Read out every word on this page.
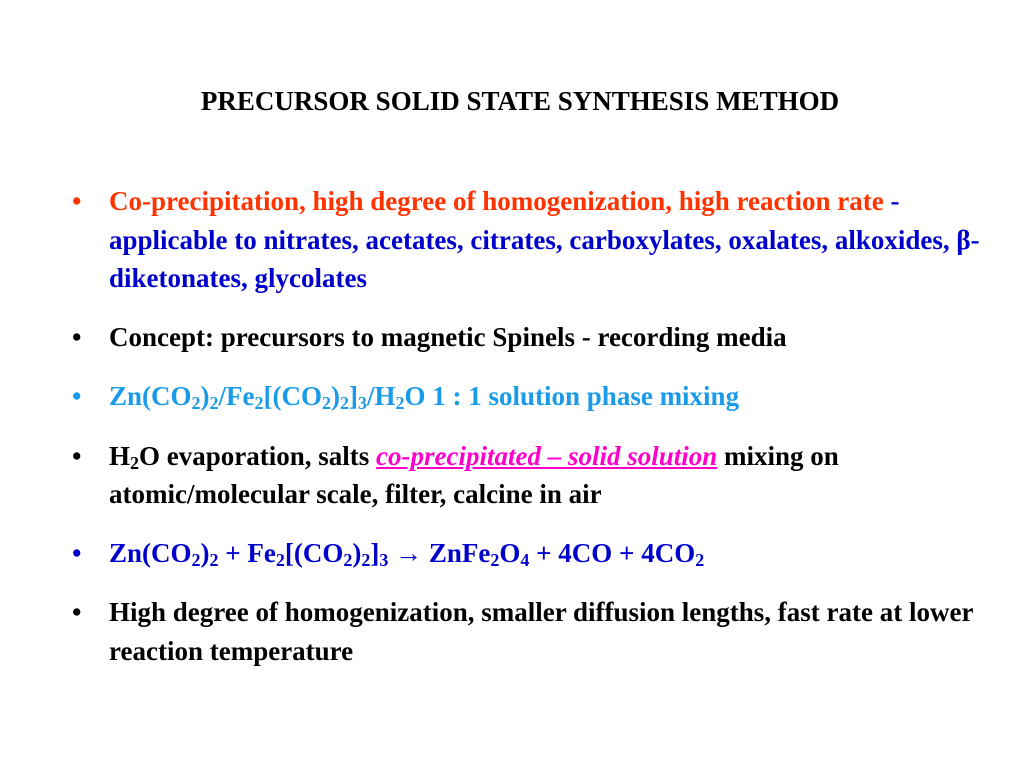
PRECURSOR SOLID STATE SYNTHESIS METHOD
• Co-precipitation, high degree of homogenization, high reaction rate - applicable to nitrates, acetates, citrates, carboxylates, oxalates, alkoxides, β-diketonates, glycolates
• Concept: precursors to magnetic Spinels - recording media
• $Zn(CO_2)_2/Fe_2[(CO_2)_2]_3/H_2O$ 1 : 1 solution phase mixing
• $H_2O$ evaporation, salts co-precipitated – solid solution mixing on atomic/molecular scale, filter, calcine in air
• $Zn(CO_2)_2 + Fe_2[(CO_2)_2]_3$ → $ZnFe_2O_4 + 4CO + 4CO_2$
• High degree of homogenization, smaller diffusion lengths, fast rate at lower reaction temperature
